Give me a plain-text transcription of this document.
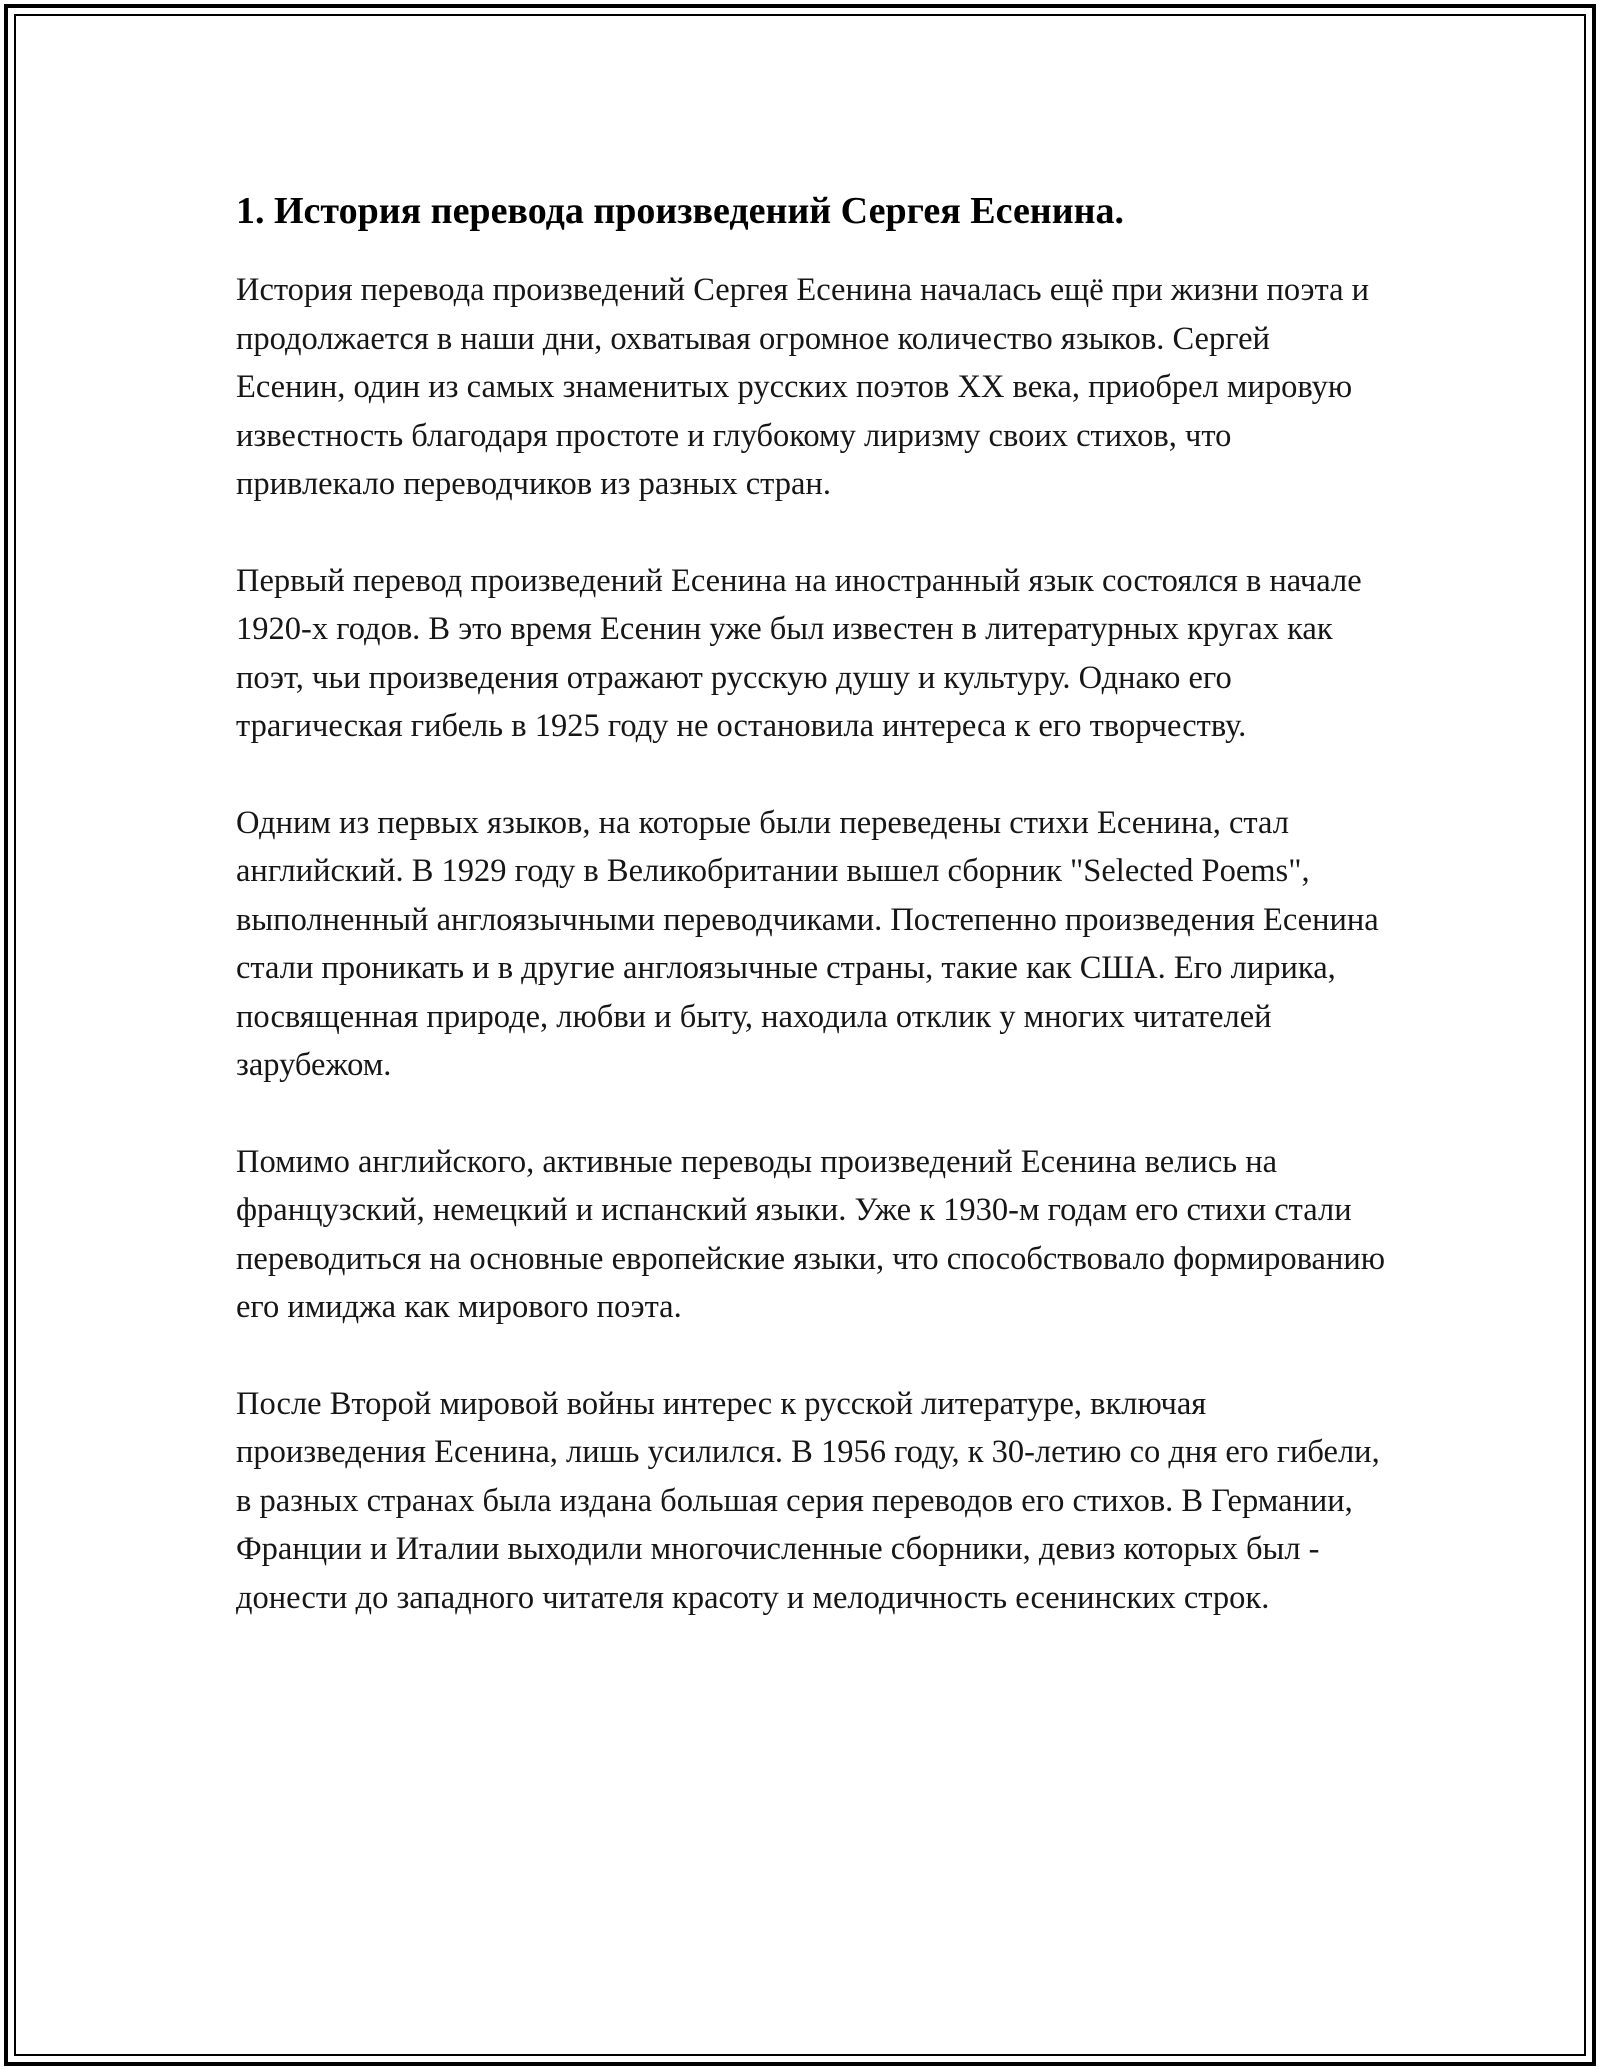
1. История перевода произведений Сергея Есенина.

История перевода произведений Сергея Есенина началась ещё при жизни поэта и продолжается в наши дни, охватывая огромное количество языков. Сергей Есенин, один из самых знаменитых русских поэтов XX века, приобрел мировую известность благодаря простоте и глубокому лиризму своих стихов, что привлекало переводчиков из разных стран.

Первый перевод произведений Есенина на иностранный язык состоялся в начале 1920-х годов. В это время Есенин уже был известен в литературных кругах как поэт, чьи произведения отражают русскую душу и культуру. Однако его трагическая гибель в 1925 году не остановила интереса к его творчеству.

Одним из первых языков, на которые были переведены стихи Есенина, стал английский. В 1929 году в Великобритании вышел сборник "Selected Poems", выполненный англоязычными переводчиками. Постепенно произведения Есенина стали проникать и в другие англоязычные страны, такие как США. Его лирика, посвященная природе, любви и быту, находила отклик у многих читателей зарубежом.

Помимо английского, активные переводы произведений Есенина велись на французский, немецкий и испанский языки. Уже к 1930-м годам его стихи стали переводиться на основные европейские языки, что способствовало формированию его имиджа как мирового поэта.

После Второй мировой войны интерес к русской литературе, включая произведения Есенина, лишь усилился. В 1956 году, к 30-летию со дня его гибели, в разных странах была издана большая серия переводов его стихов. В Германии, Франции и Италии выходили многочисленные сборники, девиз которых был - донести до западного читателя красоту и мелодичность есенинских строк.
